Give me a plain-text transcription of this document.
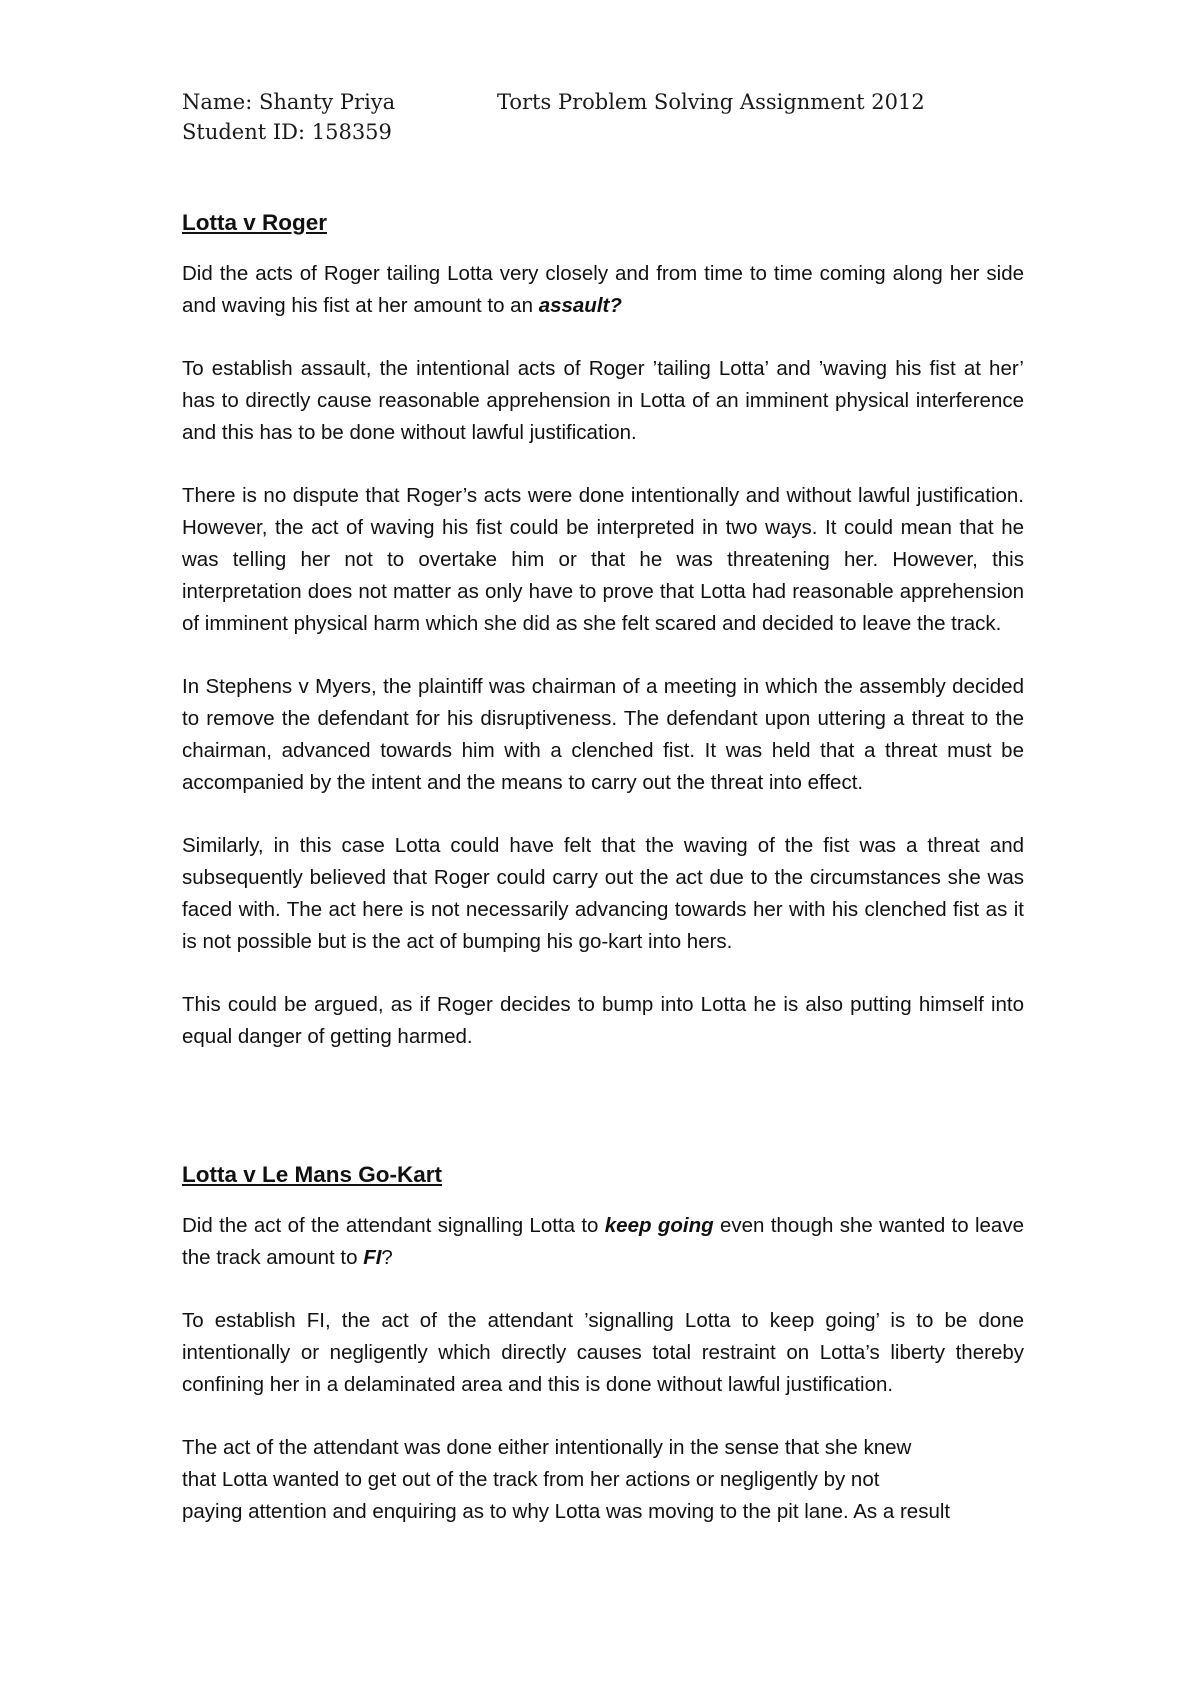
Name: Shanty Priya
Student ID: 158359
Torts Problem Solving Assignment 2012
Lotta v Roger

Did the acts of Roger tailing Lotta very closely and from time to time coming along her side and waving his fist at her amount to an assault?

To establish assault, the intentional acts of Roger ’tailing Lotta’ and ’waving his fist at her’ has to directly cause reasonable apprehension in Lotta of an imminent physical interference and this has to be done without lawful justification.

There is no dispute that Roger’s acts were done intentionally and without lawful justification. However, the act of waving his fist could be interpreted in two ways. It could mean that he was telling her not to overtake him or that he was threatening her. However, this interpretation does not matter as only have to prove that Lotta had reasonable apprehension of imminent physical harm which she did as she felt scared and decided to leave the track.

In Stephens v Myers, the plaintiff was chairman of a meeting in which the assembly decided to remove the defendant for his disruptiveness. The defendant upon uttering a threat to the chairman, advanced towards him with a clenched fist. It was held that a threat must be accompanied by the intent and the means to carry out the threat into effect.

Similarly, in this case Lotta could have felt that the waving of the fist was a threat and subsequently believed that Roger could carry out the act due to the circumstances she was faced with. The act here is not necessarily advancing towards her with his clenched fist as it is not possible but is the act of bumping his go-kart into hers.

This could be argued, as if Roger decides to bump into Lotta he is also putting himself into equal danger of getting harmed.

Lotta v Le Mans Go-Kart

Did the act of the attendant signalling Lotta to keep going even though she wanted to leave the track amount to FI?

To establish FI, the act of the attendant ’signalling Lotta to keep going’ is to be done intentionally or negligently which directly causes total restraint on Lotta’s liberty thereby confining her in a delaminated area and this is done without lawful justification.

The act of the attendant was done either intentionally in the sense that she knew
that Lotta wanted to get out of the track from her actions or negligently by not
paying attention and enquiring as to why Lotta was moving to the pit lane. As a result
